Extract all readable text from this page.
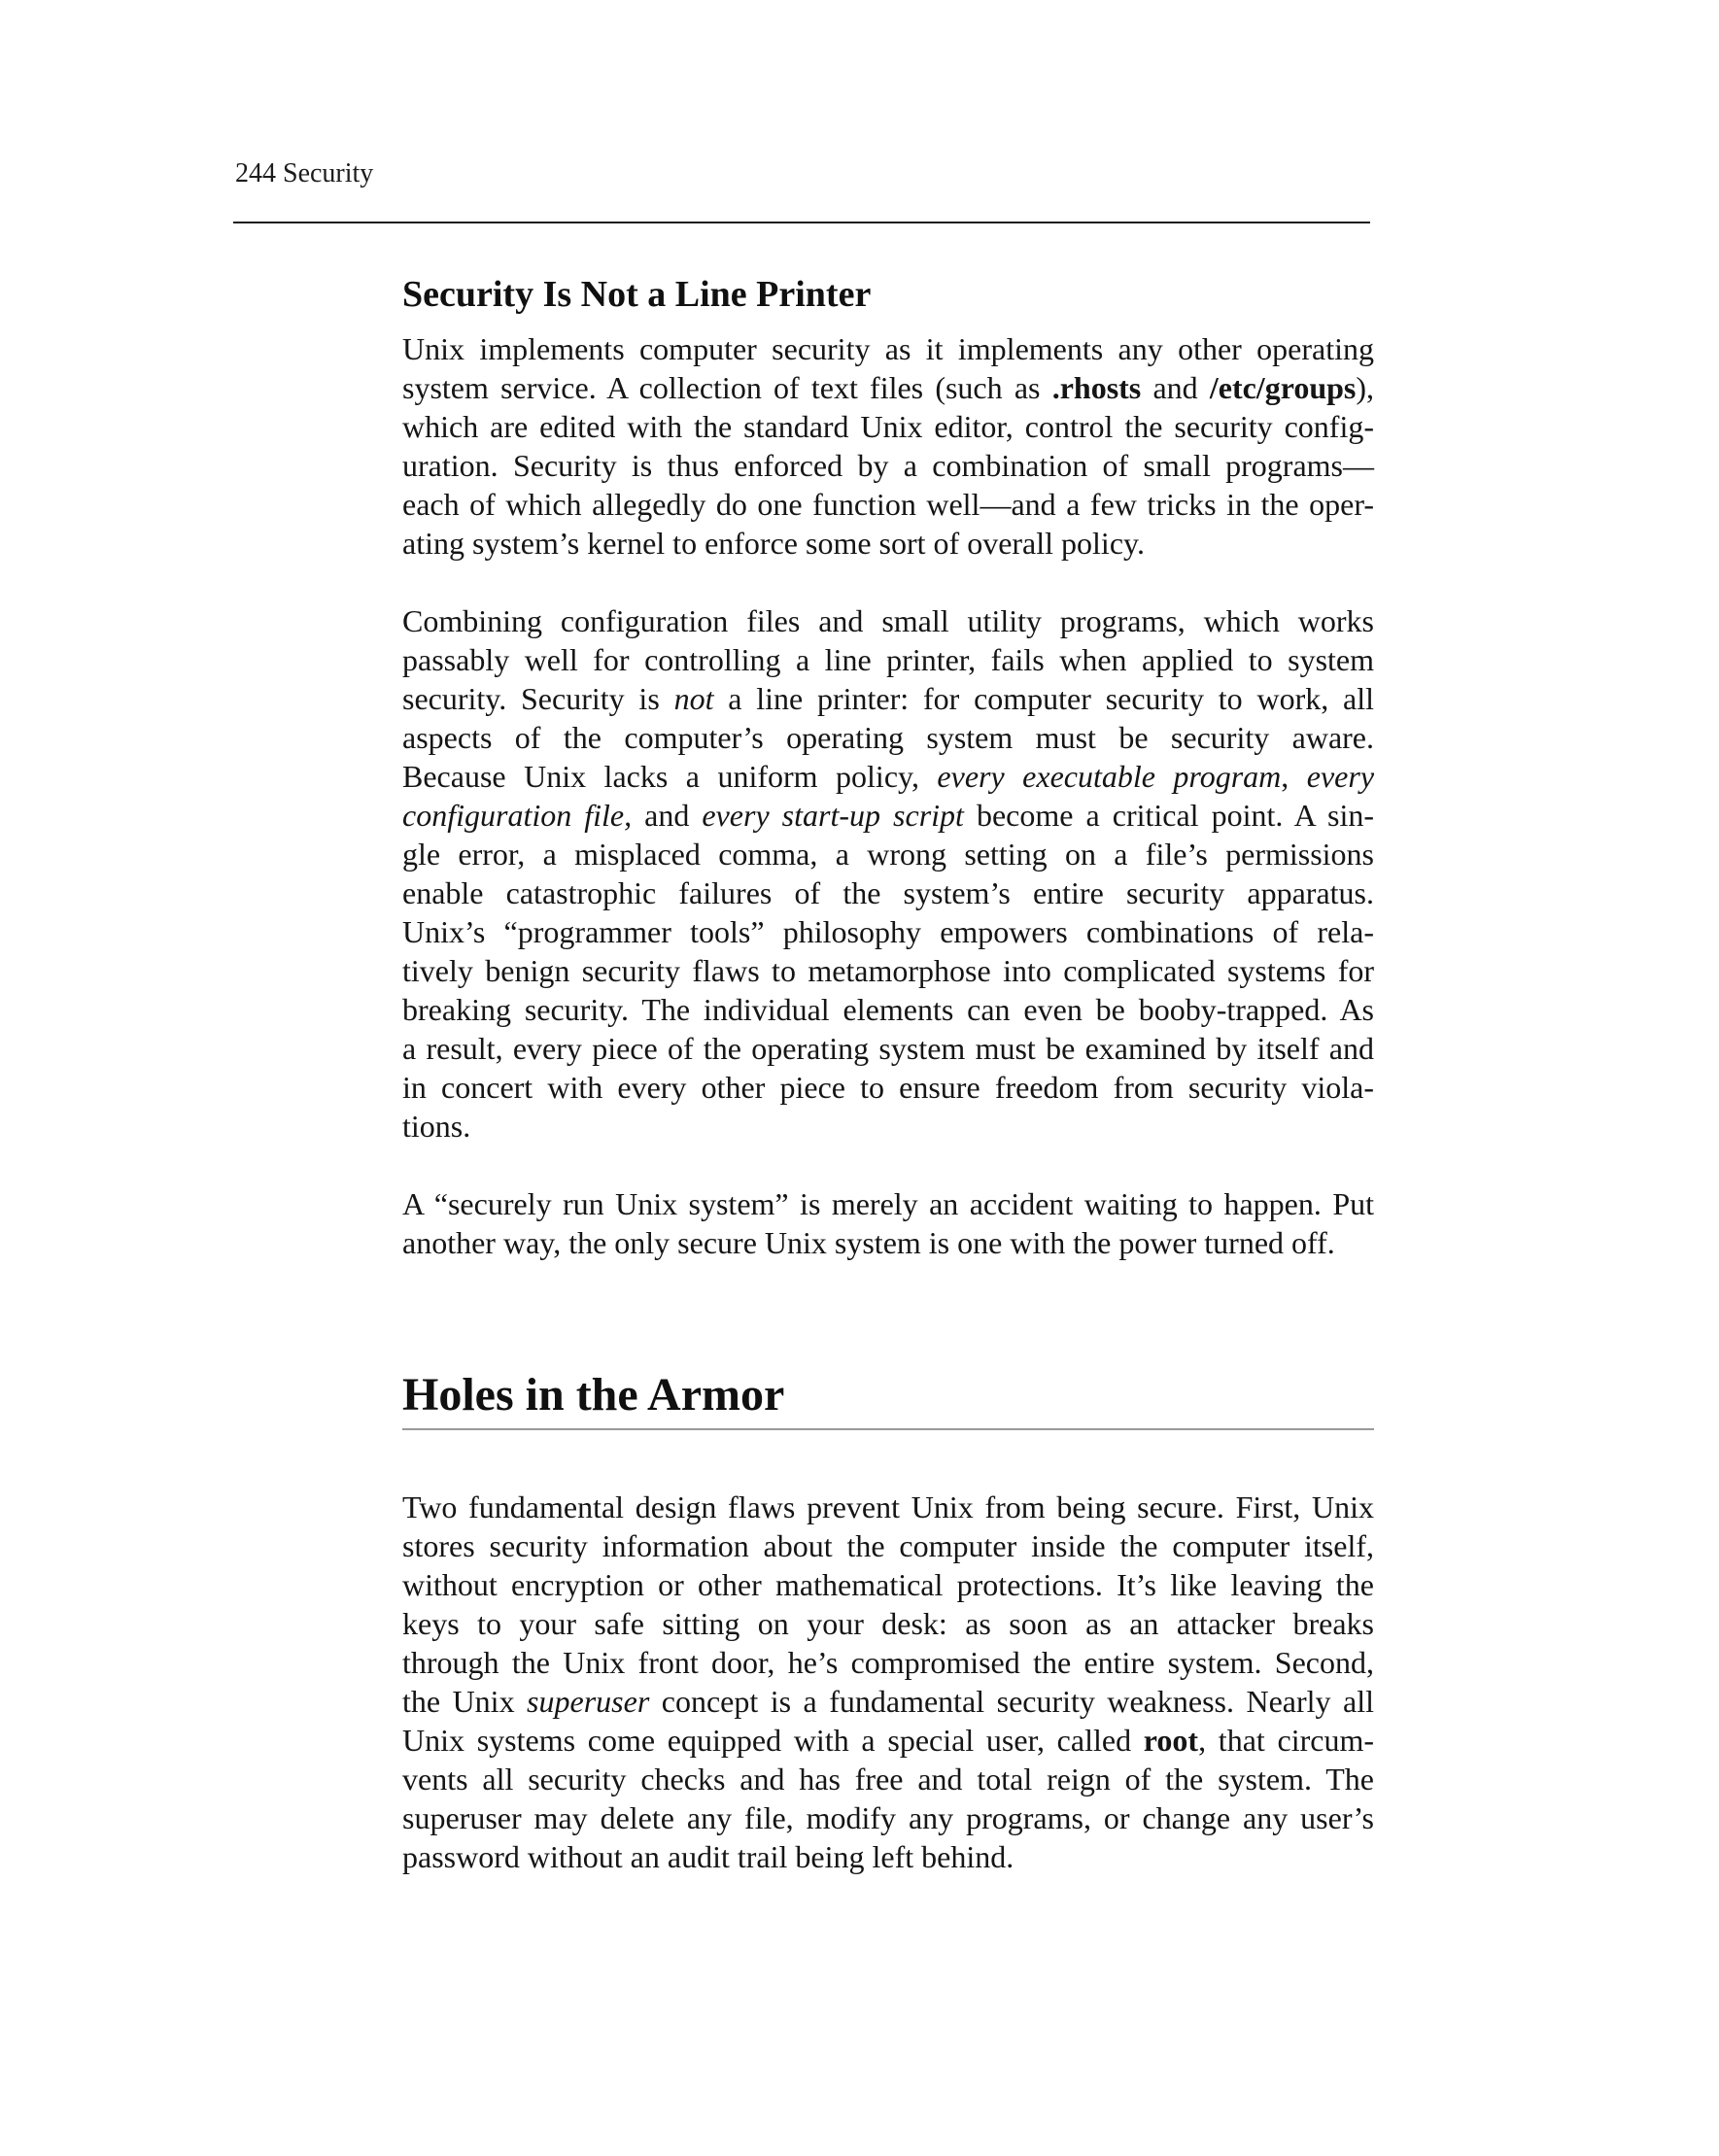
244 Security
Security Is Not a Line Printer
Unix implements computer security as it implements any other operating
system service. A collection of text files (such as .rhosts and /etc/groups),
which are edited with the standard Unix editor, control the security config-
uration. Security is thus enforced by a combination of small programs—
each of which allegedly do one function well—and a few tricks in the oper-
ating system’s kernel to enforce some sort of overall policy.
Combining configuration files and small utility programs, which works
passably well for controlling a line printer, fails when applied to system
security. Security is not a line printer: for computer security to work, all
aspects of the computer’s operating system must be security aware.
Because Unix lacks a uniform policy, every executable program, every
configuration file, and every start-up script become a critical point. A sin-
gle error, a misplaced comma, a wrong setting on a file’s permissions
enable catastrophic failures of the system’s entire security apparatus.
Unix’s “programmer tools” philosophy empowers combinations of rela-
tively benign security flaws to metamorphose into complicated systems for
breaking security. The individual elements can even be booby-trapped. As
a result, every piece of the operating system must be examined by itself and
in concert with every other piece to ensure freedom from security viola-
tions.
A “securely run Unix system” is merely an accident waiting to happen. Put
another way, the only secure Unix system is one with the power turned off.
Holes in the Armor
Two fundamental design flaws prevent Unix from being secure. First, Unix
stores security information about the computer inside the computer itself,
without encryption or other mathematical protections. It’s like leaving the
keys to your safe sitting on your desk: as soon as an attacker breaks
through the Unix front door, he’s compromised the entire system. Second,
the Unix superuser concept is a fundamental security weakness. Nearly all
Unix systems come equipped with a special user, called root, that circum-
vents all security checks and has free and total reign of the system. The
superuser may delete any file, modify any programs, or change any user’s
password without an audit trail being left behind.
